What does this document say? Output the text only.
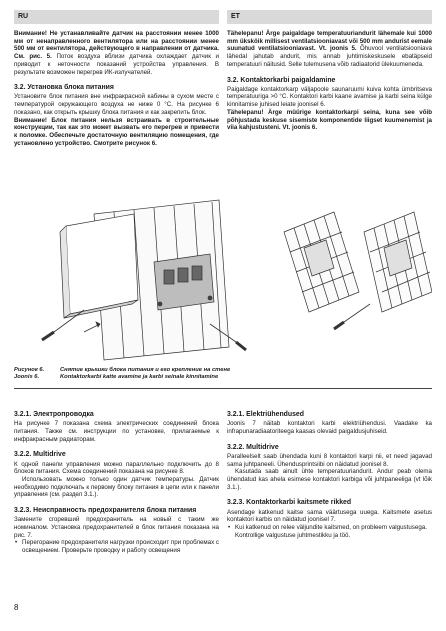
RU	ET

Внимание! Не устанавливайте датчик на расстоянии менее 1000 мм от ненаправленного вентилятора или на расстоянии менее 500 мм от вентилятора, действующего в направлении от датчика. См. рис. 5. Поток воздуха вблизи датчика охлаждает датчик и приводит к неточности показаний устройства управления. В результате возможен перегрев ИК-излучателей.

3.2. Установка блока питания

Установите блок питания вне инфракрасной кабины в сухом месте с температурой окружающего воздуха не ниже 0 °C. На рисунке 6 показано, как открыть крышку блока питания и как закрепить блок.

Внимание! Блок питания нельзя встраивать в строительные конструкции, так как это может вызвать его перегрев и привести к поломке. Обеспечьте достаточную вентиляцию помещения, где установлено устройство. Смотрите рисунок 6.

Tähelepanu! Ärge paigaldage temperatuuriandurit lähemale kui 1000 mm üksköik millisest ventilatsiooniavast või 500 mm andurist eemale suunatud ventilatsiooniavast. Vt. joonis 5. Õhuvool ventilatsiooniava lähedal jahutab andurit, mis annab juhtimiskeskusele ebatäpseid temperatuuri näitusid. Selle tulemusena võib radiaatorid ülekuumeneda.

3.2. Kontaktorkarbi paigaldamine

Paigaldage kontaktorkarp väljapoole saunaruumi kuiva kohta ümbritseva temperatuuriga >0 °C. Kontaktori karbi kaane avamise ja karbi seina külge kinnitamise juhised leiate joonisel 6.

Tähelepanu! Ärge müürige kontaktorkarpi seina, kuna see võib põhjustada keskuse sisemiste komponentide liigset kuumenemist ja viia kahjustusteni. Vt. joonis 6.

Рисунок 6.	Снятие крышки блока питания и его крепление на стене
Joonis 6.	Kontaktorkarbi katte avamine ja karbi seinale kinnitamine
3.2.1. Электропроводка

На рисунке 7 показана схема электрических соединений блока питания. Также см. инструкции по установке, прилагаемые к инфракрасным радиаторам.

3.2.2. Multidrive

К одной панели управления можно параллельно подключить до 8 блоков питания. Схема соединений показана на рисунке 8.

Использовать можно только один датчик температуры. Датчик необходимо подключать к первому блоку питания в цепи или к панели управления (см. раздел 3.1.).

3.2.3. Неисправность предохранителя блока питания

Замените сгоревший предохранитель на новый с таким же номиналом. Установка предохранителей в блок питания показана на рис. 7.

• Перегорание предохранителя нагрузки происходит при проблемах с освещением. Проверьте проводку и работу освещения
3.2.1. Elektriühendused

Joonis 7 näitab kontaktori karbi elektriühendusi. Vaadake ka infrapunaradiaatoriteega kaasas olevaid paigaldusjuhiseid.

3.2.2. Multidrive

Paralleelselt saab ühendada kuni 8 kontaktori karpi nii, et need jagavad sama juhtpaneeli. Ühendusprintsiibi on näidatud joonisel 8.

Kasutada saab ainult ühte temperatuuriandurit. Andur peab olema ühendatud kas ahela esimese kontaktori karbiga või juhtpaneeliga (vt lõik 3.1.).

3.2.3. Kontaktorkarbi kaitsmete rikked

Asendage katkenud kaitse sama väärtusega uuega. Kaitsmete asetus kontaktori karbis on näidatud joonisel 7.

• Kui katkenud on releе väljundite kaitsmed, on probleem valgustusega. Kontrollige valgustuse juhtmestikku ja töö.
8
